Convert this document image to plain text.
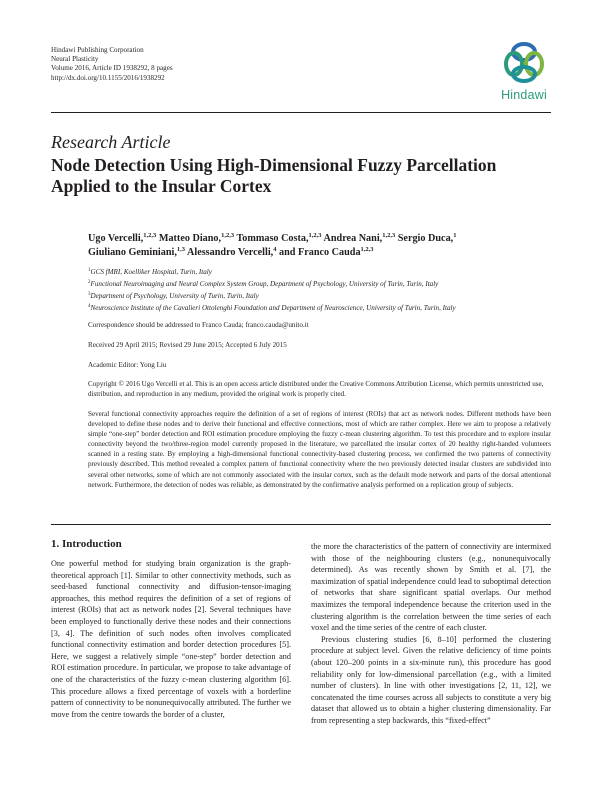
Hindawi Publishing Corporation
Neural Plasticity
Volume 2016, Article ID 1938292, 8 pages
http://dx.doi.org/10.1155/2016/1938292
Hindawi
Research Article
Node Detection Using High-Dimensional Fuzzy Parcellation Applied to the Insular Cortex
Ugo Vercelli,$^{1,2,3}$ Matteo Diano,$^{1,2,3}$ Tommaso Costa,$^{1,2,3}$ Andrea Nani,$^{1,2,3}$ Sergio Duca,$^1$
Giuliano Geminiani,$^{1,3}$ Alessandro Vercelli,$^4$ and Franco Cauda$^{1,2,3}$
$^1$GCS fMRI, Koelliker Hospital, Turin, Italy
$^2$Functional Neuroimaging and Neural Complex System Group, Department of Psychology, University of Turin, Turin, Italy
$^3$Department of Psychology, University of Turin, Turin, Italy
$^4$Neuroscience Institute of the Cavalieri Ottolenghi Foundation and Department of Neuroscience, University of Turin, Turin, Italy
Correspondence should be addressed to Franco Cauda; franco.cauda@unito.it
Received 29 April 2015; Revised 29 June 2015; Accepted 6 July 2015
Academic Editor: Yong Liu
Copyright © 2016 Ugo Vercelli et al. This is an open access article distributed under the Creative Commons Attribution License, which permits unrestricted use, distribution, and reproduction in any medium, provided the original work is properly cited.
Several functional connectivity approaches require the definition of a set of regions of interest (ROIs) that act as network nodes. Different methods have been developed to define these nodes and to derive their functional and effective connections, most of which are rather complex. Here we aim to propose a relatively simple “one-step” border detection and ROI estimation procedure employing the fuzzy c-mean clustering algorithm. To test this procedure and to explore insular connectivity beyond the two/three-region model currently proposed in the literature, we parcellated the insular cortex of 20 healthy right-handed volunteers scanned in a resting state. By employing a high-dimensional functional connectivity-based clustering process, we confirmed the two patterns of connectivity previously described. This method revealed a complex pattern of functional connectivity where the two previously detected insular clusters are subdivided into several other networks, some of which are not commonly associated with the insular cortex, such as the default mode network and parts of the dorsal attentional network. Furthermore, the detection of nodes was reliable, as demonstrated by the confirmative analysis performed on a replication group of subjects.
1. Introduction

One powerful method for studying brain organization is the graph-theoretical approach [1]. Similar to other connectivity methods, such as seed-based functional connectivity and diffusion-tensor-imaging approaches, this method requires the definition of a set of regions of interest (ROIs) that act as network nodes [2]. Several techniques have been employed to functionally derive these nodes and their connections [3, 4]. The definition of such nodes often involves complicated functional connectivity estimation and border detection procedures [5]. Here, we suggest a relatively simple “one-step” border detection and ROI estimation procedure. In particular, we propose to take advantage of one of the characteristics of the fuzzy c-mean clustering algorithm [6]. This procedure allows a fixed percentage of voxels with a borderline pattern of connectivity to be nonunequivocally attributed. The further we move from the centre towards the border of a cluster,

the more the characteristics of the pattern of connectivity are intermixed with those of the neighbouring clusters (e.g., nonunequivocally determined). As was recently shown by Smith et al. [7], the maximization of spatial independence could lead to suboptimal detection of networks that share significant spatial overlaps. Our method maximizes the temporal independence because the criterion used in the clustering algorithm is the correlation between the time series of each voxel and the time series of the centre of each cluster.

Previous clustering studies [6, 8–10] performed the clustering procedure at subject level. Given the relative deficiency of time points (about 120–200 points in a six-minute run), this procedure has good reliability only for low-dimensional parcellation (e.g., with a limited number of clusters). In line with other investigations [2, 11, 12], we concatenated the time courses across all subjects to constitute a very big dataset that allowed us to obtain a higher clustering dimensionality. Far from representing a step backwards, this “fixed-effect”
